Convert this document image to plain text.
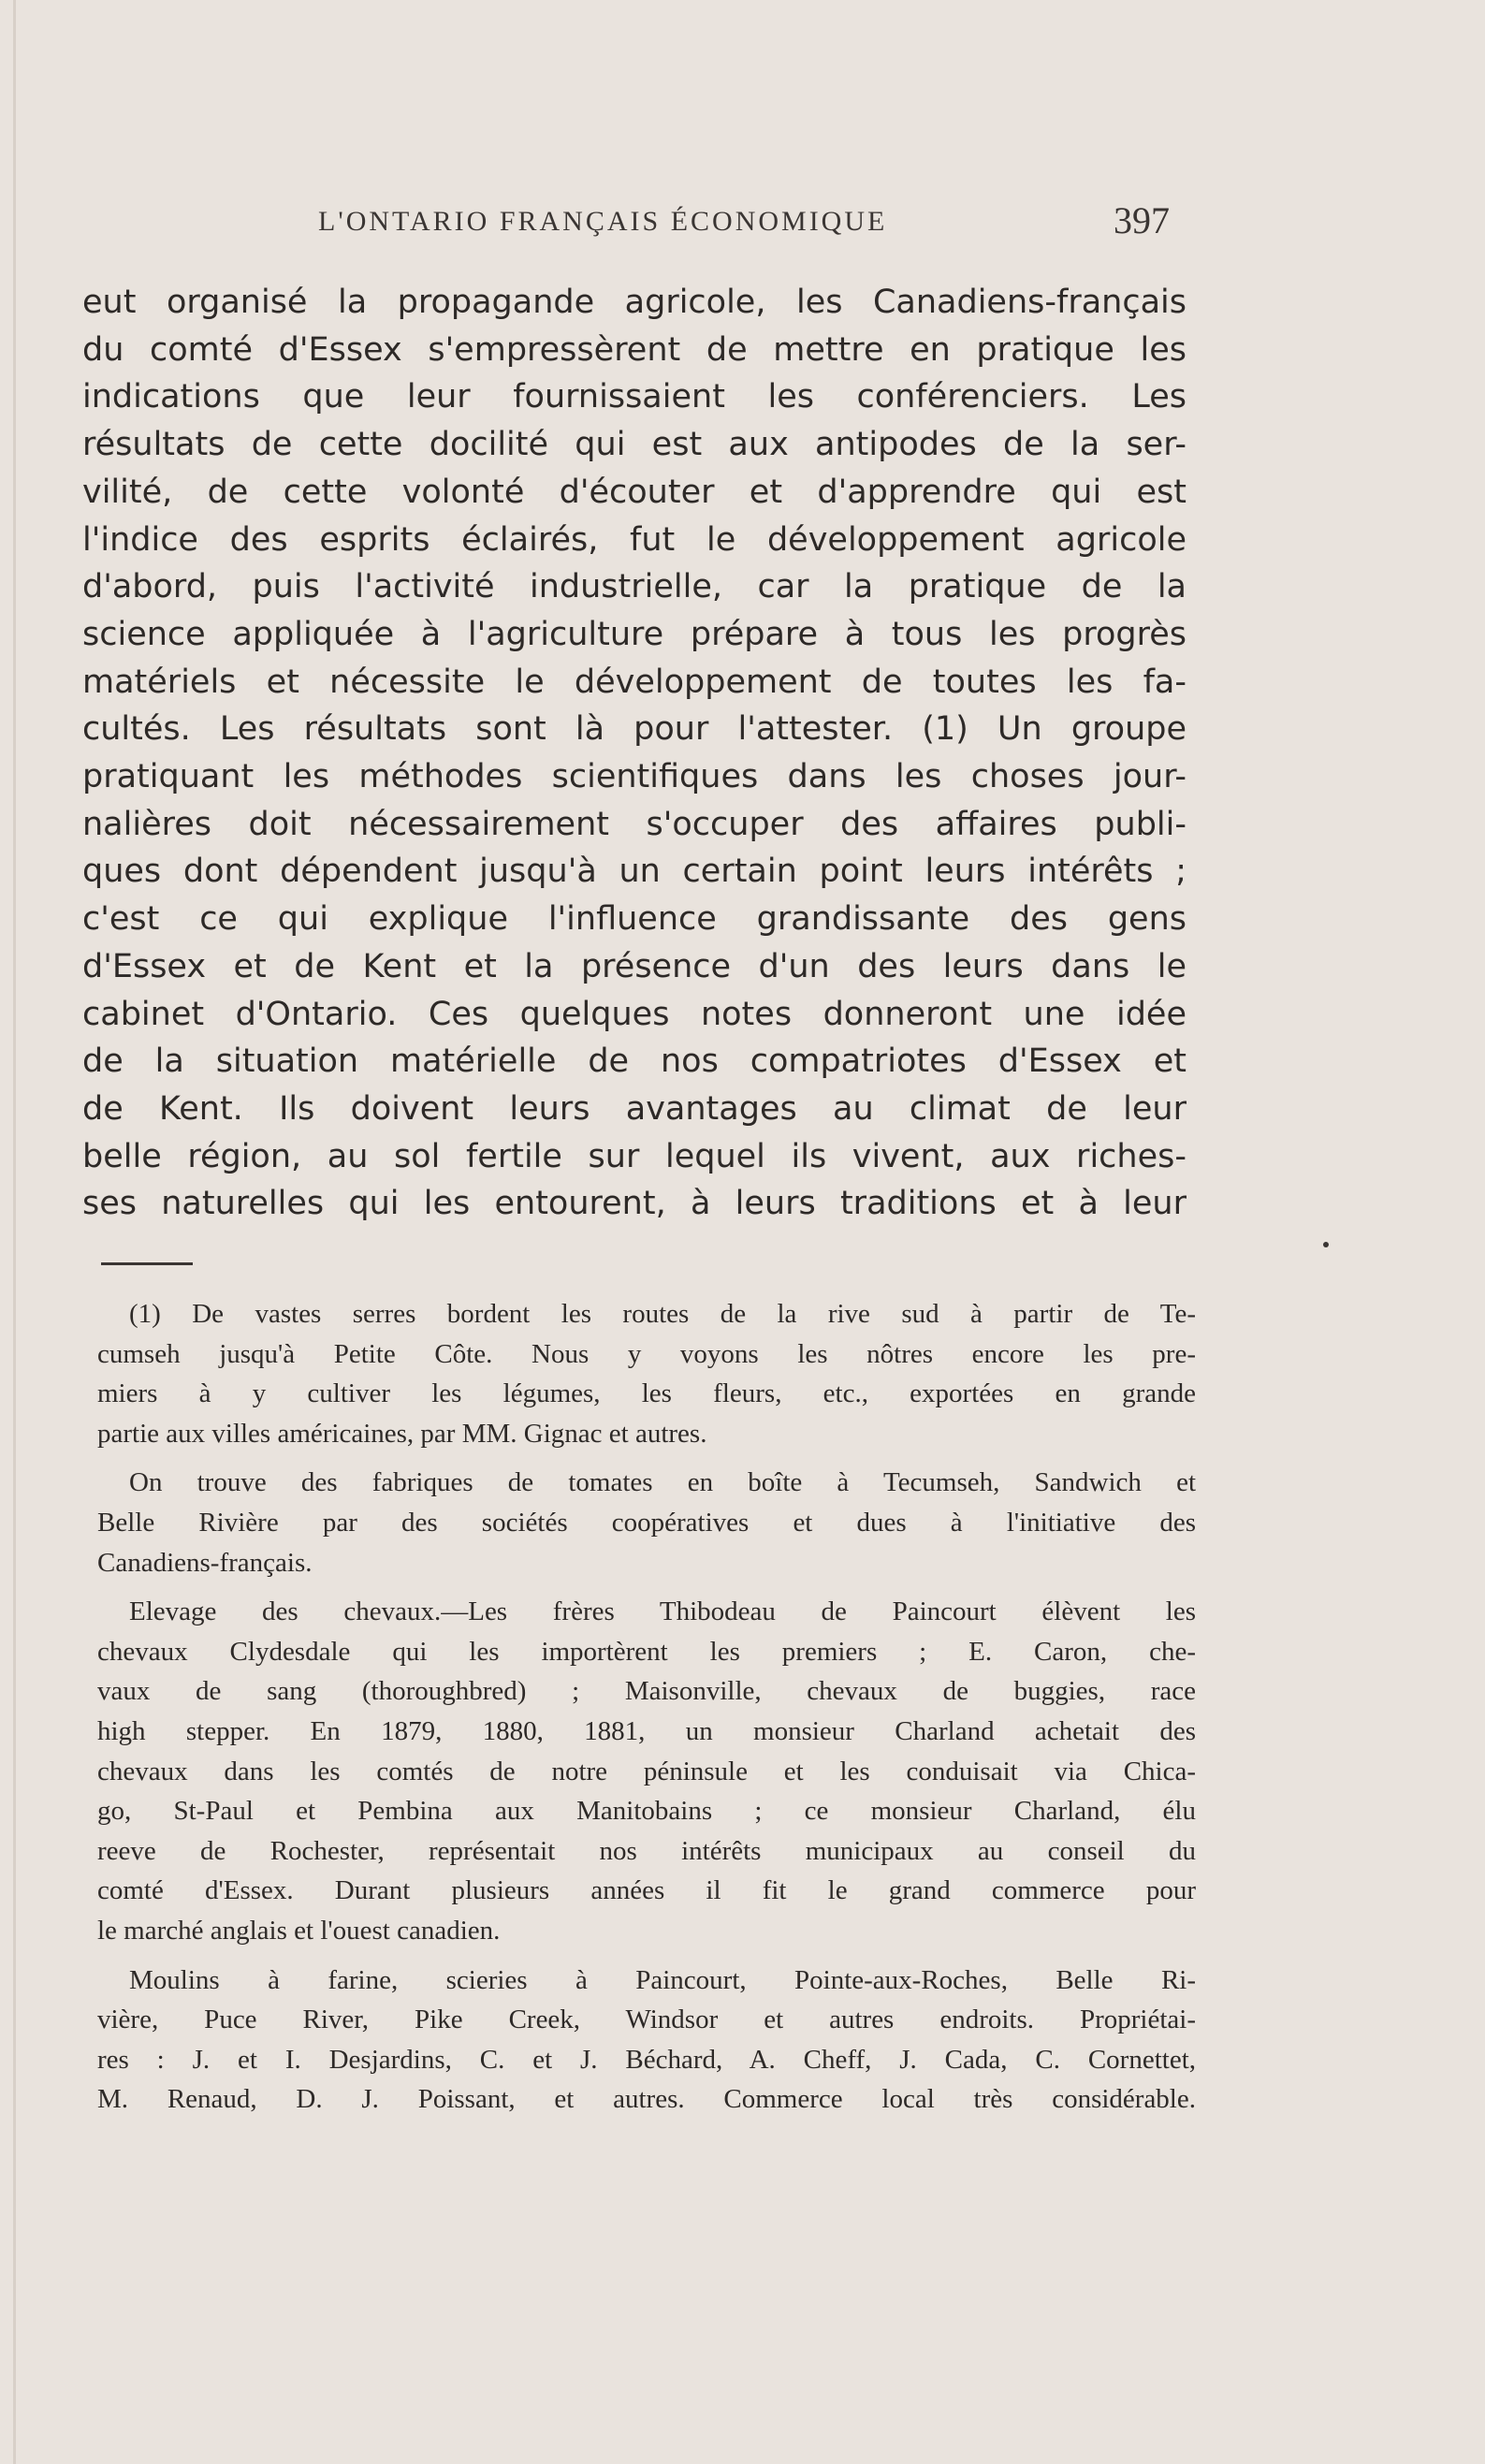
L'ONTARIO FRANÇAIS ÉCONOMIQUE	397
eut organisé la propagande agricole, les Canadiens-français
du comté d'Essex s'empressèrent de mettre en pratique les
indications que leur fournissaient les conférenciers. Les
résultats de cette docilité qui est aux antipodes de la ser-
vilité, de cette volonté d'écouter et d'apprendre qui est
l'indice des esprits éclairés, fut le développement agricole
d'abord, puis l'activité industrielle, car la pratique de la
science appliquée à l'agriculture prépare à tous les progrès
matériels et nécessite le développement de toutes les fa-
cultés. Les résultats sont là pour l'attester. (1) Un groupe
pratiquant les méthodes scientifiques dans les choses jour-
nalières doit nécessairement s'occuper des affaires publi-
ques dont dépendent jusqu'à un certain point leurs intérêts ;
c'est ce qui explique l'influence grandissante des gens
d'Essex et de Kent et la présence d'un des leurs dans le
cabinet d'Ontario. Ces quelques notes donneront une idée
de la situation matérielle de nos compatriotes d'Essex et
de Kent. Ils doivent leurs avantages au climat de leur
belle région, au sol fertile sur lequel ils vivent, aux riches-
ses naturelles qui les entourent, à leurs traditions et à leur

(1) De vastes serres bordent les routes de la rive sud à partir de Te-
cumseh jusqu'à Petite Côte. Nous y voyons les nôtres encore les pre-
miers à y cultiver les légumes, les fleurs, etc., exportées en grande
partie aux villes américaines, par MM. Gignac et autres.

On trouve des fabriques de tomates en boîte à Tecumseh, Sandwich et
Belle Rivière par des sociétés coopératives et dues à l'initiative des
Canadiens-français.

Elevage des chevaux.—Les frères Thibodeau de Paincourt élèvent les
chevaux Clydesdale qui les importèrent les premiers ; E. Caron, che-
vaux de sang (thoroughbred) ; Maisonville, chevaux de buggies, race
high stepper. En 1879, 1880, 1881, un monsieur Charland achetait des
chevaux dans les comtés de notre péninsule et les conduisait via Chica-
go, St-Paul et Pembina aux Manitobains ; ce monsieur Charland, élu
reeve de Rochester, représentait nos intérêts municipaux au conseil du
comté d'Essex. Durant plusieurs années il fit le grand commerce pour
le marché anglais et l'ouest canadien.

Moulins à farine, scieries à Paincourt, Pointe-aux-Roches, Belle Ri-
vière, Puce River, Pike Creek, Windsor et autres endroits. Propriétai-
res : J. et I. Desjardins, C. et J. Béchard, A. Cheff, J. Cada, C. Cornettet,
M. Renaud, D. J. Poissant, et autres. Commerce local très considérable.
